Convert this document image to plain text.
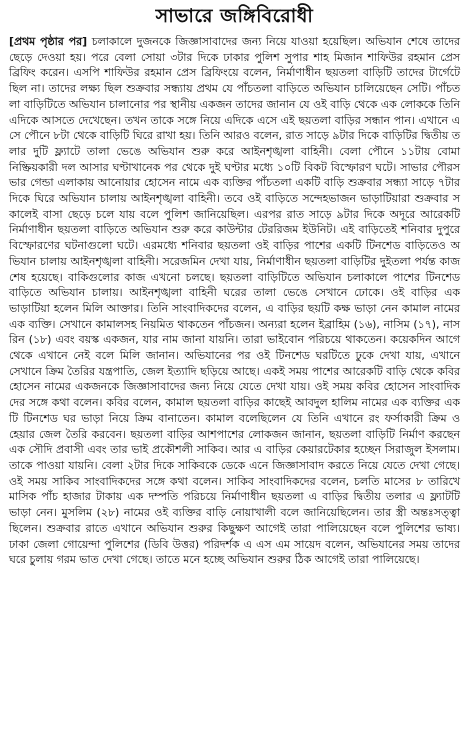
সাভারে জঙ্গিবিরোধী

[প্রথম পৃষ্ঠার পর] চলাকালে দুজনকে জিজ্ঞাসাবাদের জন্য নিয়ে যাওয়া হয়েছিল। অভিযান শেষে তাদের ছেড়ে দেওয়া হয়। পরে বেলা সোয়া ৩টার দিকে ঢাকার পুলিশ সুপার শাহ মিজান শাফিউর রহমান প্রেস ব্রিফিং করেন। এসপি শাফিউর রহমান প্রেস ব্রিফিংয়ে বলেন, নির্মাণাধীন ছয়তলা বাড়িটি তাদের টার্গেটে ছিল না। তাদের লক্ষ্য ছিল শুক্রবার সন্ধ্যায় প্রথম যে পাঁচতলা বাড়িতে অভিযান চালিয়েছেন সেটি। পাঁচতলা বাড়িটিতে অভিযান চালানোর পর স্থানীয় একজন তাদের জানান যে ওই বাড়ি থেকে এক লোককে তিনি এদিকে আসতে দেখেছেন। তখন তাকে সঙ্গে নিয়ে এদিকে এসে এই ছয়তলা বাড়ির সন্ধান পান। এখানে এসে পৌনে ৮টা থেকে বাড়িটি ঘিরে রাখা হয়। তিনি আরও বলেন, রাত সাড়ে ৯টার দিকে বাড়িটির দ্বিতীয় তলার দুটি ফ্ল্যাটে তালা ভেঙে অভিযান শুরু করে আইনশৃঙ্খলা বাহিনী। বেলা পৌনে ১১টায় বোমা নিষ্ক্রিয়কারী দল আসার ঘণ্টাখানেক পর থেকে দুই ঘণ্টার মধ্যে ১০টি বিকট বিস্ফোরণ ঘটে। সাভার পৌরসভার গেন্ডা এলাকায় আনোয়ার হোসেন নামে এক ব্যক্তির পাঁচতলা একটি বাড়ি শুক্রবার সন্ধ্যা সাড়ে ৭টার দিকে ঘিরে অভিযান চালায় আইনশৃঙ্খলা বাহিনী। তবে ওই বাড়িতে সন্দেহভাজন ভাড়াটিয়ারা শুক্রবার সকালেই বাসা ছেড়ে চলে যায় বলে পুলিশ জানিয়েছিল। এরপর রাত সাড়ে ৯টার দিকে অদূরে আরেকটি নির্মাণাধীন ছয়তলা বাড়িতে অভিযান শুরু করে কাউন্টার টেররিজম ইউনিট। এই বাড়িতেই শনিবার দুপুরে বিস্ফোরণের ঘটনাগুলো ঘটে। এরমধ্যে শনিবার ছয়তলা ওই বাড়ির পাশের একটি টিনশেড বাড়িতেও অভিযান চালায় আইনশৃঙ্খলা বাহিনী। সরেজমিন দেখা যায়, নির্মাণাধীন ছয়তলা বাড়িটির দুইতলা পর্যন্ত কাজ শেষ হয়েছে। বাকিগুলোর কাজ এখনো চলছে। ছয়তলা বাড়িটিতে অভিযান চলাকালে পাশের টিনশেড বাড়িতে অভিযান চালায়। আইনশৃঙ্খলা বাহিনী ঘরের তালা ভেঙে সেখানে ঢোকে। ওই বাড়ির এক ভাড়াটিয়া হলেন মিলি আক্তার। তিনি সাংবাদিকদের বলেন, এ বাড়ির ছয়টি কক্ষ ভাড়া নেন কামাল নামের এক ব্যক্তি। সেখানে কামালসহ নিয়মিত থাকতেন পাঁচজন। অন্যরা হলেন ইব্রাহিম (১৬), নাসিম (১৭), নাসরিন (১৮) এবং বয়স্ক একজন, যার নাম জানা যায়নি। তারা ভাইবোন পরিচয়ে থাকতেন। কয়েকদিন আগে থেকে এখানে নেই বলে মিলি জানান। অভিযানের পর ওই টিনশেড ঘরটিতে ঢুকে দেখা যায়, এখানে সেখানে ক্রিম তৈরির যন্ত্রপাতি, জেল ইত্যাদি ছড়িয়ে আছে। একই সময় পাশের আরেকটি বাড়ি থেকে কবির হোসেন নামের একজনকে জিজ্ঞাসাবাদের জন্য নিয়ে যেতে দেখা যায়। ওই সময় কবির হোসেন সাংবাদিকদের সঙ্গে কথা বলেন। কবির বলেন, কামাল ছয়তলা বাড়ির কাছেই আবদুল হালিম নামের এক ব্যক্তির একটি টিনশেড ঘর ভাড়া নিয়ে ক্রিম বানাতেন। কামাল বলেছিলেন যে তিনি এখানে রং ফর্সাকারী ক্রিম ও হেয়ার জেল তৈরি করবেন। ছয়তলা বাড়ির আশপাশের লোকজন জানান, ছয়তলা বাড়িটি নির্মাণ করছেন এক সৌদি প্রবাসী এবং তার ভাই প্রকৌশলী সাকিব। আর এ বাড়ির কেয়ারটেকার হচ্ছেন সিরাজুল ইসলাম। তাকে পাওয়া যায়নি। বেলা ২টার দিকে সাকিবকে ডেকে এনে জিজ্ঞাসাবাদ করতে নিয়ে যেতে দেখা গেছে। ওই সময় সাকিব সাংবাদিকদের সঙ্গে কথা বলেন। সাকিব সাংবাদিকদের বলেন, চলতি মাসের ৮ তারিখে মাসিক পাঁচ হাজার টাকায় এক দম্পতি পরিচয়ে নির্মাণাধীন ছয়তলা এ বাড়ির দ্বিতীয় তলার এ ফ্ল্যাটটি ভাড়া নেন। মুসলিম (২৮) নামের ওই ব্যক্তির বাড়ি নোয়াখালী বলে জানিয়েছিলেন। তার স্ত্রী অন্তঃসত্ত্বা ছিলেন। শুক্রবার রাতে এখানে অভিযান শুরুর কিছুক্ষণ আগেই তারা পালিয়েছেন বলে পুলিশের ভাষ্য। ঢাকা জেলা গোয়েন্দা পুলিশের (ডিবি উত্তর) পরিদর্শক এ এস এম সায়েদ বলেন, অভিযানের সময় তাদের ঘরে চুলায় গরম ভাত দেখা গেছে। তাতে মনে হচ্ছে অভিযান শুরুর ঠিক আগেই তারা পালিয়েছে।
